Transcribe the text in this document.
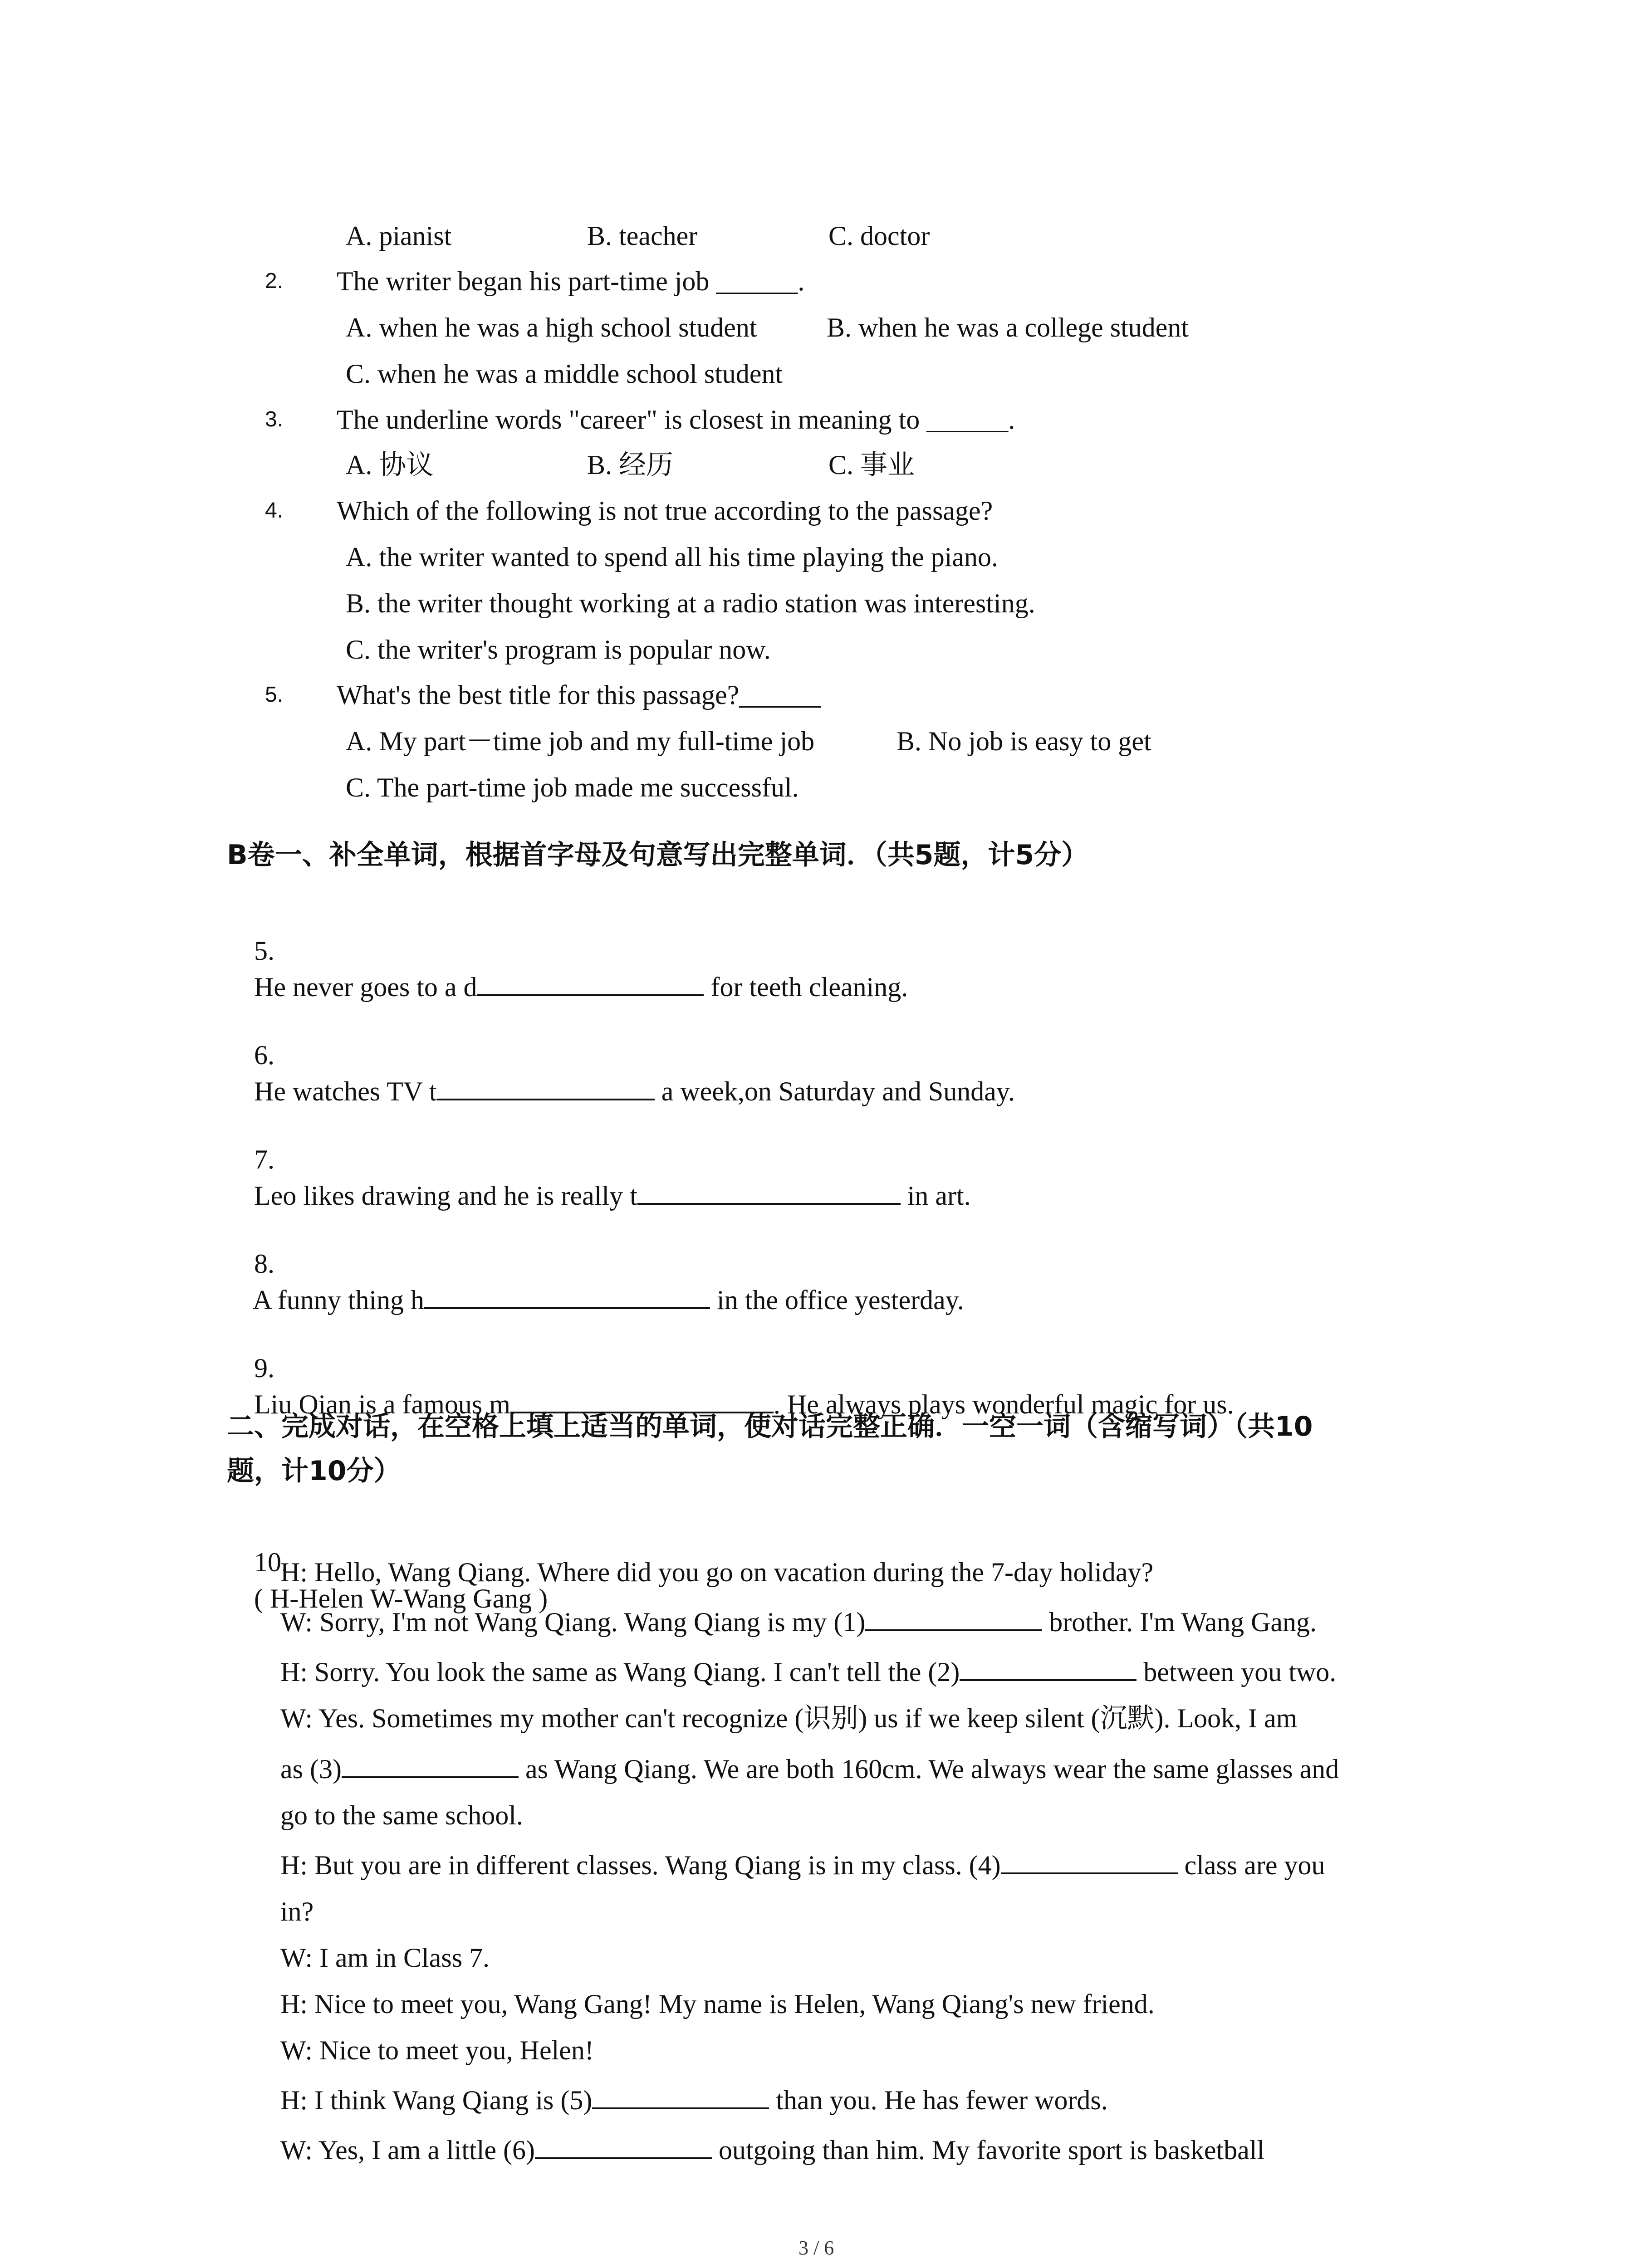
A. pianist	B. teacher	C. doctor
2. The writer began his part-time job ______.
A. when he was a high school student	B. when he was a college student
C. when he was a middle school student
3. The underline words "career" is closest in meaning to ______.
A. 协议	B. 经历	C. 事业
4. Which of the following is not true according to the passage?
A. the writer wanted to spend all his time playing the piano.
B. the writer thought working at a radio station was interesting.
C. the writer's program is popular now.
5. What's the best title for this passage?______
A. My part－time job and my full-time job	B. No job is easy to get
C. The part-time job made me successful.
B卷一、补全单词，根据首字母及句意写出完整单词．（共5题，计5分）

5.
He never goes to a d	for teeth cleaning.

6.
He watches TV t	a week,on Saturday and Sunday.

7.
Leo likes drawing and he is really t	in art.

8.
A funny thing h	in the office yesterday.

9.
Liu Qian is a famous m	. He always plays wonderful magic for us.

二、完成对话，在空格上填上适当的单词，使对话完整正确．一空一词（含缩写词）（共10
题，计10分）

10.
( H-Helen W-Wang Gang )

H: Hello, Wang Qiang. Where did you go on vacation during the 7-day holiday?
W: Sorry, I'm not Wang Qiang. Wang Qiang is my (1)	brother. I'm Wang Gang.
H: Sorry. You look the same as Wang Qiang. I can't tell the (2)	between you two.
W: Yes. Sometimes my mother can't recognize (识别) us if we keep silent (沉默). Look, I am
as (3)	as Wang Qiang. We are both 160cm. We always wear the same glasses and
go to the same school.
H: But you are in different classes. Wang Qiang is in my class. (4)	class are you
in?
W: I am in Class 7.
H: Nice to meet you, Wang Gang! My name is Helen, Wang Qiang's new friend.
W: Nice to meet you, Helen!
H: I think Wang Qiang is (5)	than you. He has fewer words.
W: Yes, I am a little (6)	outgoing than him. My favorite sport is basketball
3 / 6
